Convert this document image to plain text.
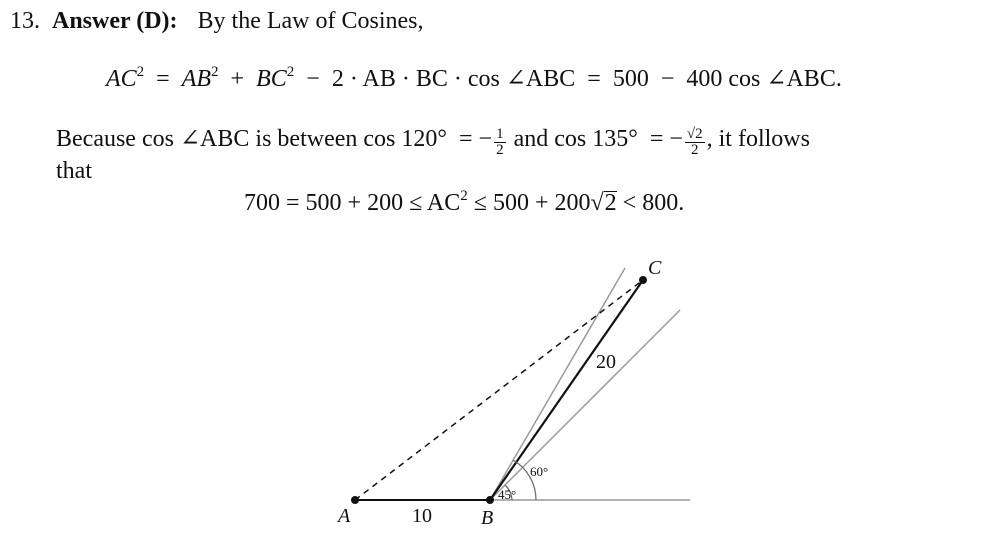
13. Answer (D): By the Law of Cosines,
$AC^2 = AB^2 + BC^2 - 2$ · AB · BC · cos ∠ABC  =  500  −  400 cos ∠ABC.
Because cos ∠ABC is between cos 120°  = − $\frac{1}{2}$ and cos 135°  = − $\frac{√2}{2}$ , it follows
that
$700 = 500 + 200 \le AC^2 \le 500 + 200√2 < 800$.
A	B
C
10
20
60°
45°
